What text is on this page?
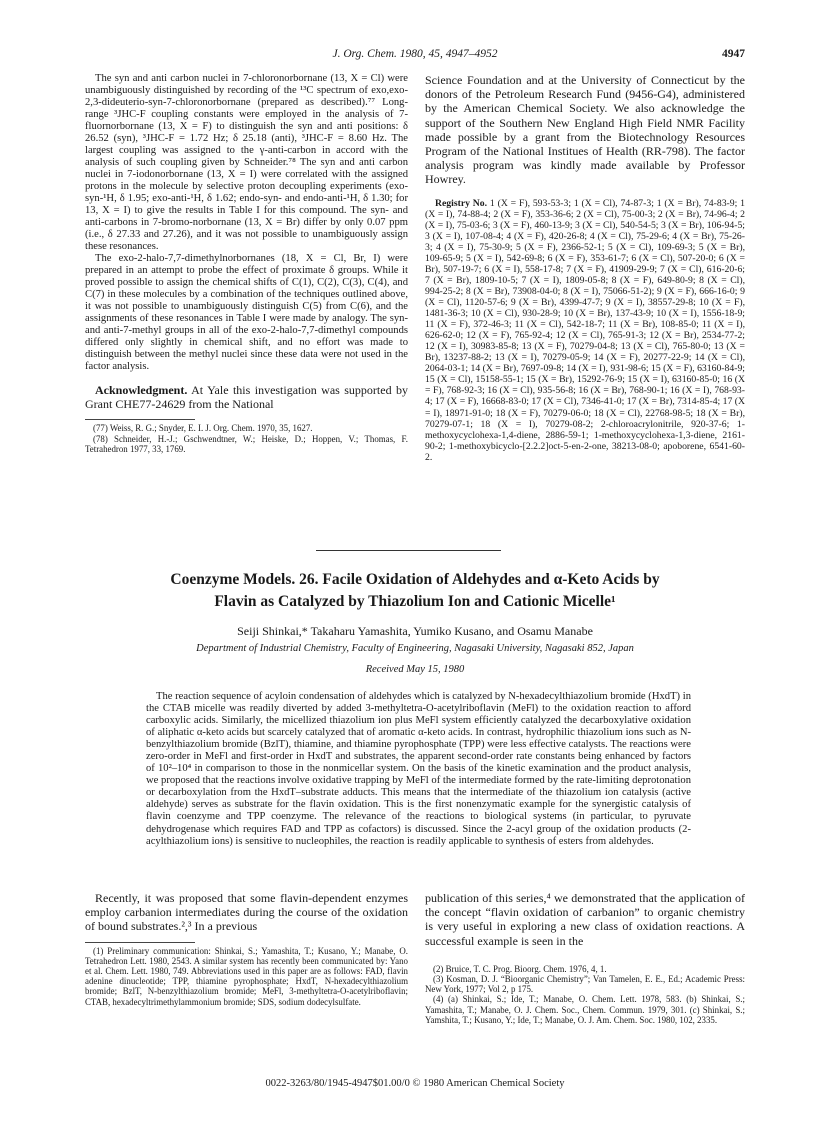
J. Org. Chem. 1980, 45, 4947–4952	4947

The syn and anti carbon nuclei in 7-chloronorbornane (13, X = Cl) were unambiguously distinguished by recording of the ¹³C spectrum of exo,exo-2,3-dideuterio-syn-7-chloronorbornane (prepared as described).⁷⁷ Long-range ³JHC-F coupling constants were employed in the analysis of 7-fluornorbornane (13, X = F) to distinguish the syn and anti positions: δ 26.52 (syn), ³JHC-F = 1.72 Hz; δ 25.18 (anti), ³JHC-F = 8.60 Hz. The largest coupling was assigned to the γ-anti-carbon in accord with the analysis of such coupling given by Schneider.⁷⁸ The syn and anti carbon nuclei in 7-iodonorbornane (13, X = I) were correlated with the assigned protons in the molecule by selective proton decoupling experiments (exo-syn-¹H, δ 1.95; exo-anti-¹H, δ 1.62; endo-syn- and endo-anti-¹H, δ 1.30; for 13, X = I) to give the results in Table I for this compound. The syn- and anti-carbons in 7-bromo-norbornane (13, X = Br) differ by only 0.07 ppm (i.e., δ 27.33 and 27.26), and it was not possible to unambiguously assign these resonances.

The exo-2-halo-7,7-dimethylnorbornanes (18, X = Cl, Br, I) were prepared in an attempt to probe the effect of proximate δ groups. While it proved possible to assign the chemical shifts of C(1), C(2), C(3), C(4), and C(7) in these molecules by a combination of the techniques outlined above, it was not possible to unambiguously distinguish C(5) from C(6), and the assignments of these resonances in Table I were made by analogy. The syn- and anti-7-methyl groups in all of the exo-2-halo-7,7-dimethyl compounds differed only slightly in chemical shift, and no effort was made to distinguish between the methyl nuclei since these data were not used in the factor analysis.

Acknowledgment. At Yale this investigation was supported by Grant CHE77-24629 from the National

(77) Weiss, R. G.; Snyder, E. I. J. Org. Chem. 1970, 35, 1627.

(78) Schneider, H.-J.; Gschwendtner, W.; Heiske, D.; Hoppen, V.; Thomas, F. Tetrahedron 1977, 33, 1769.

Science Foundation and at the University of Connecticut by the donors of the Petroleum Research Fund (9456-G4), administered by the American Chemical Society. We also acknowledge the support of the Southern New England High Field NMR Facility made possible by a grant from the Biotechnology Resources Program of the National Institues of Health (RR-798). The factor analysis program was kindly made available by Professor Howrey.

Registry No. 1 (X = F), 593-53-3; 1 (X = Cl), 74-87-3; 1 (X = Br), 74-83-9; 1 (X = I), 74-88-4; 2 (X = F), 353-36-6; 2 (X = Cl), 75-00-3; 2 (X = Br), 74-96-4; 2 (X = I), 75-03-6; 3 (X = F), 460-13-9; 3 (X = Cl), 540-54-5; 3 (X = Br), 106-94-5; 3 (X = I), 107-08-4; 4 (X = F), 420-26-8; 4 (X = Cl), 75-29-6; 4 (X = Br), 75-26-3; 4 (X = I), 75-30-9; 5 (X = F), 2366-52-1; 5 (X = Cl), 109-69-3; 5 (X = Br), 109-65-9; 5 (X = I), 542-69-8; 6 (X = F), 353-61-7; 6 (X = Cl), 507-20-0; 6 (X = Br), 507-19-7; 6 (X = I), 558-17-8; 7 (X = F), 41909-29-9; 7 (X = Cl), 616-20-6; 7 (X = Br), 1809-10-5; 7 (X = I), 1809-05-8; 8 (X = F), 649-80-9; 8 (X = Cl), 994-25-2; 8 (X = Br), 73908-04-0; 8 (X = I), 75066-51-2); 9 (X = F), 666-16-0; 9 (X = Cl), 1120-57-6; 9 (X = Br), 4399-47-7; 9 (X = I), 38557-29-8; 10 (X = F), 1481-36-3; 10 (X = Cl), 930-28-9; 10 (X = Br), 137-43-9; 10 (X = I), 1556-18-9; 11 (X = F), 372-46-3; 11 (X = Cl), 542-18-7; 11 (X = Br), 108-85-0; 11 (X = I), 626-62-0; 12 (X = F), 765-92-4; 12 (X = Cl), 765-91-3; 12 (X = Br), 2534-77-2; 12 (X = I), 30983-85-8; 13 (X = F), 70279-04-8; 13 (X = Cl), 765-80-0; 13 (X = Br), 13237-88-2; 13 (X = I), 70279-05-9; 14 (X = F), 20277-22-9; 14 (X = Cl), 2064-03-1; 14 (X = Br), 7697-09-8; 14 (X = I), 931-98-6; 15 (X = F), 63160-84-9; 15 (X = Cl), 15158-55-1; 15 (X = Br), 15292-76-9; 15 (X = I), 63160-85-0; 16 (X = F), 768-92-3; 16 (X = Cl), 935-56-8; 16 (X = Br), 768-90-1; 16 (X = I), 768-93-4; 17 (X = F), 16668-83-0; 17 (X = Cl), 7346-41-0; 17 (X = Br), 7314-85-4; 17 (X = I), 18971-91-0; 18 (X = F), 70279-06-0; 18 (X = Cl), 22768-98-5; 18 (X = Br), 70279-07-1; 18 (X = I), 70279-08-2; 2-chloroacrylonitrile, 920-37-6; 1-methoxycyclohexa-1,4-diene, 2886-59-1; 1-methoxycyclohexa-1,3-diene, 2161-90-2; 1-methoxybicyclo-[2.2.2]oct-5-en-2-one, 38213-08-0; apoborene, 6541-60-2.

Coenzyme Models. 26. Facile Oxidation of Aldehydes and α-Keto Acids by
Flavin as Catalyzed by Thiazolium Ion and Cationic Micelle¹
Seiji Shinkai,* Takaharu Yamashita, Yumiko Kusano, and Osamu Manabe
Department of Industrial Chemistry, Faculty of Engineering, Nagasaki University, Nagasaki 852, Japan
Received May 15, 1980
The reaction sequence of acyloin condensation of aldehydes which is catalyzed by N-hexadecylthiazolium bromide (HxdT) in the CTAB micelle was readily diverted by added 3-methyltetra-O-acetylriboflavin (MeFl) to the oxidation reaction to afford carboxylic acids. Similarly, the micellized thiazolium ion plus MeFl system efficiently catalyzed the decarboxylative oxidation of aliphatic α-keto acids but scarcely catalyzed that of aromatic α-keto acids. In contrast, hydrophilic thiazolium ions such as N-benzylthiazolium bromide (BzlT), thiamine, and thiamine pyrophosphate (TPP) were less effective catalysts. The reactions were zero-order in MeFl and first-order in HxdT and substrates, the apparent second-order rate constants being enhanced by factors of 10²–10⁴ in comparison to those in the nonmicellar system. On the basis of the kinetic examination and the product analysis, we proposed that the reactions involve oxidative trapping by MeFl of the intermediate formed by the rate-limiting deprotonation or decarboxylation from the HxdT–substrate adducts. This means that the intermediate of the thiazolium ion catalysis (active aldehyde) serves as substrate for the flavin oxidation. This is the first nonenzymatic example for the synergistic catalysis of flavin coenzyme and TPP coenzyme. The relevance of the reactions to biological systems (in particular, to pyruvate dehydrogenase which requires FAD and TPP as cofactors) is discussed. Since the 2-acyl group of the oxidation products (2-acylthiazolium ions) is sensitive to nucleophiles, the reaction is readily applicable to synthesis of esters from aldehydes.

Recently, it was proposed that some flavin-dependent enzymes employ carbanion intermediates during the course of the oxidation of bound substrates.²,³ In a previous

(1) Preliminary communication: Shinkai, S.; Yamashita, T.; Kusano, Y.; Manabe, O. Tetrahedron Lett. 1980, 2543. A similar system has recently been communicated by: Yano et al. Chem. Lett. 1980, 749. Abbreviations used in this paper are as follows: FAD, flavin adenine dinucleotide; TPP, thiamine pyrophosphate; HxdT, N-hexadecylthiazolium bromide; BzlT, N-benzylthiazolium bromide; MeFl, 3-methyltetra-O-acetylriboflavin; CTAB, hexadecyltrimethylammonium bromide; SDS, sodium dodecylsulfate.

publication of this series,⁴ we demonstrated that the application of the concept “flavin oxidation of carbanion” to organic chemistry is very useful in exploring a new class of oxidation reactions. A successful example is seen in the

(2) Bruice, T. C. Prog. Bioorg. Chem. 1976, 4, 1.

(3) Kosman, D. J. “Bioorganic Chemistry”; Van Tamelen, E. E., Ed.; Academic Press: New York, 1977; Vol 2, p 175.

(4) (a) Shinkai, S.; Ide, T.; Manabe, O. Chem. Lett. 1978, 583. (b) Shinkai, S.; Yamashita, T.; Manabe, O. J. Chem. Soc., Chem. Commun. 1979, 301. (c) Shinkai, S.; Yamshita, T.; Kusano, Y.; Ide, T.; Manabe, O. J. Am. Chem. Soc. 1980, 102, 2335.

0022-3263/80/1945-4947$01.00/0 © 1980 American Chemical Society
